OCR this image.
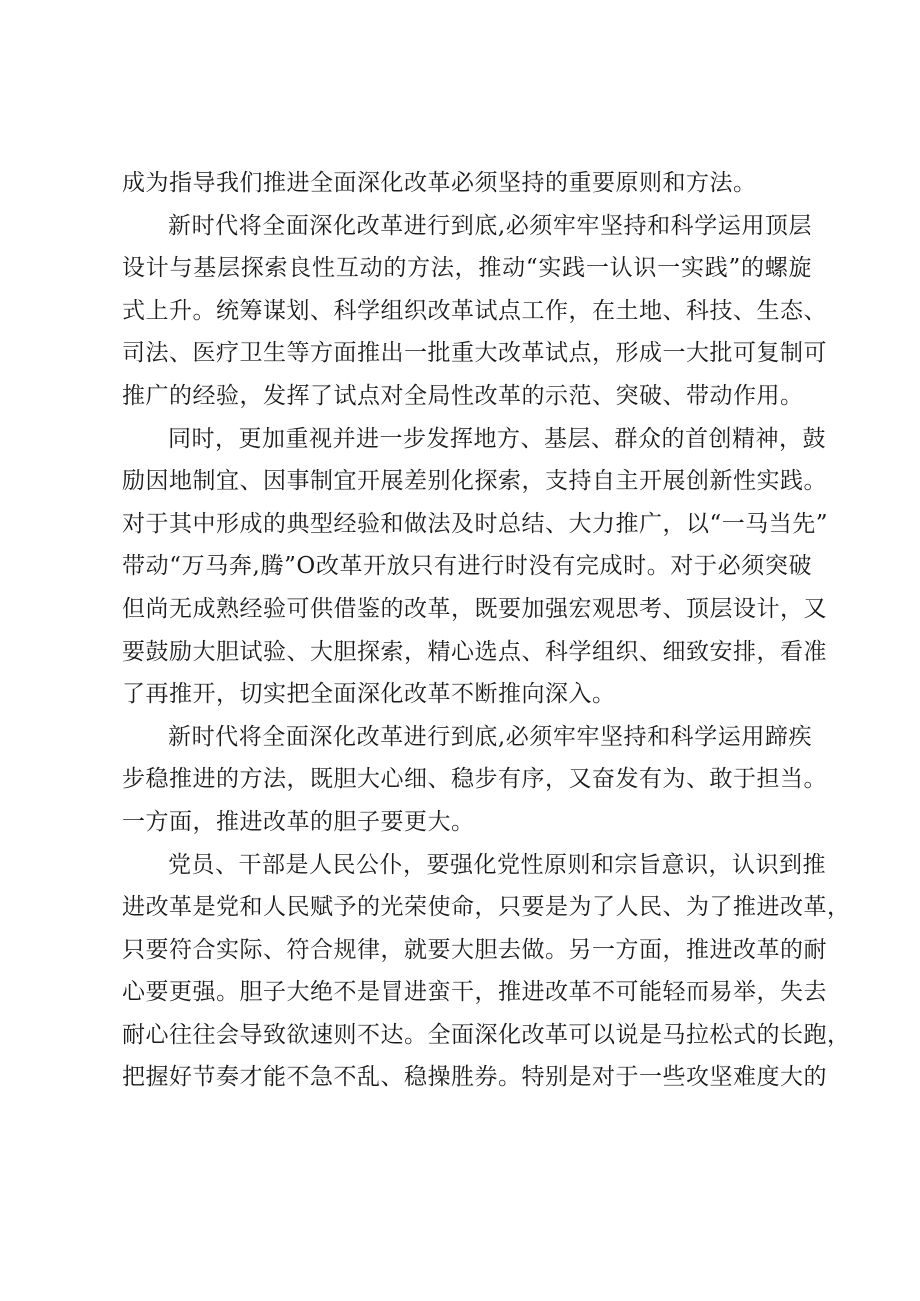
成为指导我们推进全面深化改革必须坚持的重要原则和方法。
新时代将全面深化改革进行到底,必须牢牢坚持和科学运用顶层
设计与基层探索良性互动的方法，推动“实践一认识一实践”的螺旋
式上升。统筹谋划、科学组织改革试点工作，在土地、科技、生态、
司法、医疗卫生等方面推出一批重大改革试点，形成一大批可复制可
推广的经验，发挥了试点对全局性改革的示范、突破、带动作用。
同时，更加重视并进一步发挥地方、基层、群众的首创精神，鼓
励因地制宜、因事制宜开展差别化探索，支持自主开展创新性实践。
对于其中形成的典型经验和做法及时总结、大力推广，以“一马当先”
带动“万马奔,腾”O改革开放只有进行时没有完成时。对于必须突破
但尚无成熟经验可供借鉴的改革，既要加强宏观思考、顶层设计，又
要鼓励大胆试验、大胆探索，精心选点、科学组织、细致安排，看准
了再推开，切实把全面深化改革不断推向深入。
新时代将全面深化改革进行到底,必须牢牢坚持和科学运用蹄疾
步稳推进的方法，既胆大心细、稳步有序，又奋发有为、敢于担当。
一方面，推进改革的胆子要更大。
党员、干部是人民公仆，要强化党性原则和宗旨意识，认识到推
进改革是党和人民赋予的光荣使命，只要是为了人民、为了推进改革，
只要符合实际、符合规律，就要大胆去做。另一方面，推进改革的耐
心要更强。胆子大绝不是冒进蛮干，推进改革不可能轻而易举，失去
耐心往往会导致欲速则不达。全面深化改革可以说是马拉松式的长跑，
把握好节奏才能不急不乱、稳操胜券。特别是对于一些攻坚难度大的
